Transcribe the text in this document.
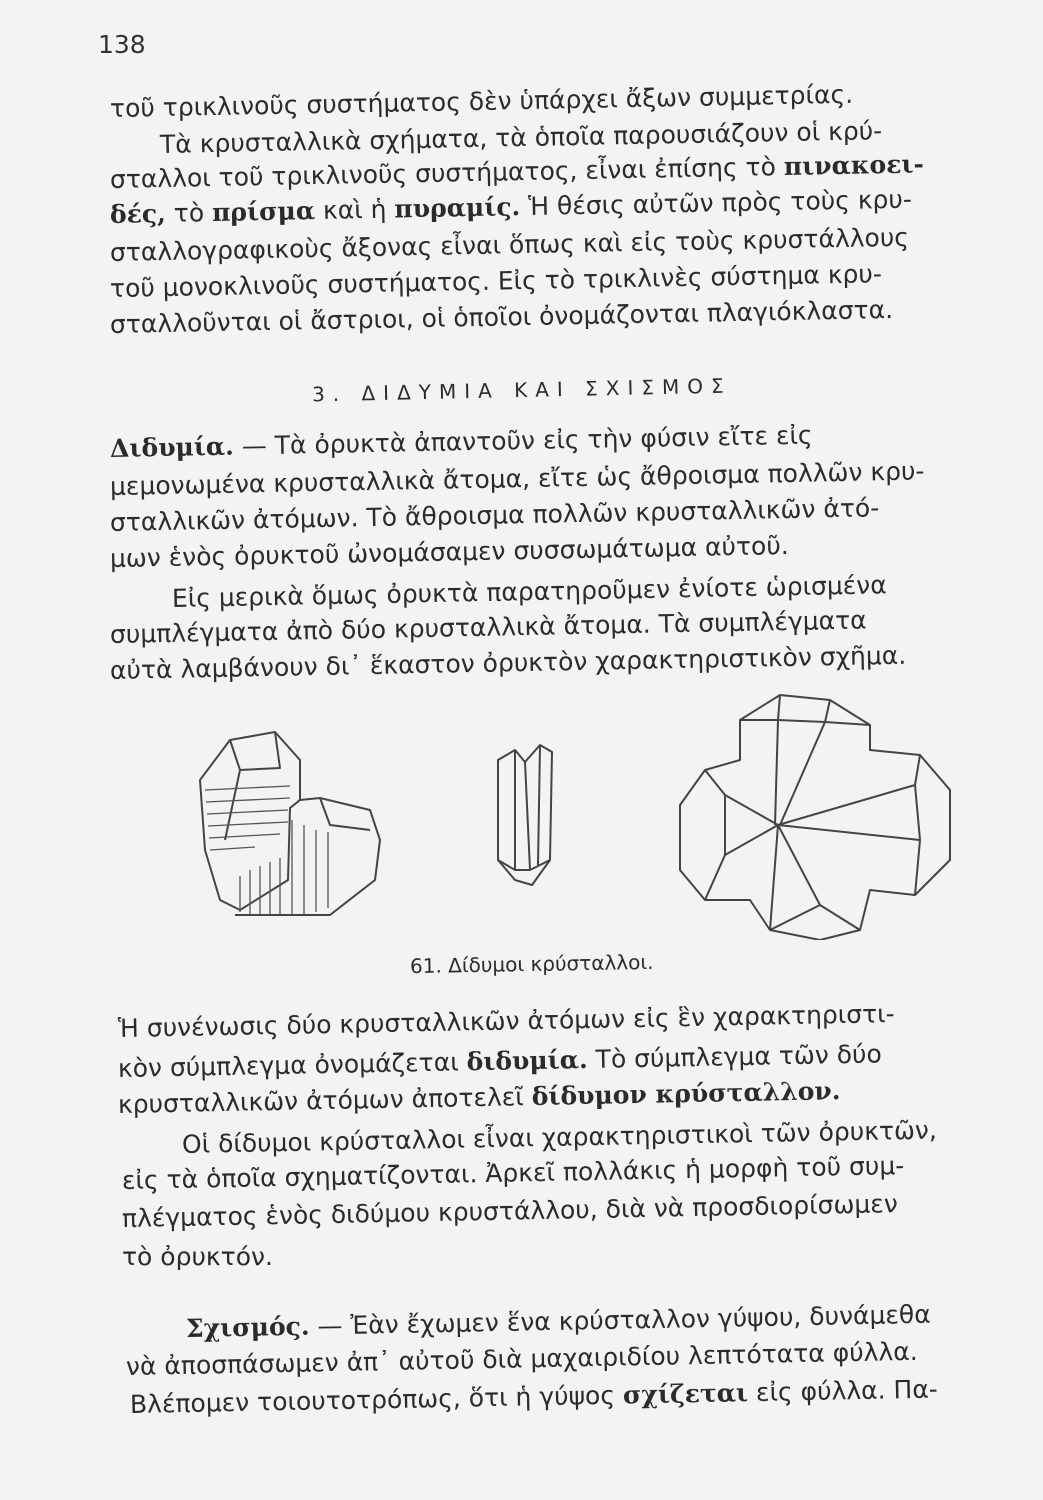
138
τοῦ τρικλινοῦς συστήματος δὲν ὑπάρχει ἄξων συμμετρίας.
Τὰ κρυσταλλικὰ σχήματα, τὰ ὁποῖα παρουσιάζουν οἱ κρύ-
σταλλοι τοῦ τρικλινοῦς συστήματος, εἶναι ἐπίσης τὸ πινακοει-
δές, τὸ πρίσμα καὶ ἡ πυραμίς. Ἡ θέσις αὐτῶν πρὸς τοὺς κρυ-
σταλλογραφικοὺς ἄξονας εἶναι ὅπως καὶ εἰς τοὺς κρυστάλλους
τοῦ μονοκλινοῦς συστήματος. Εἰς τὸ τρικλινὲς σύστημα κρυ-
σταλλοῦνται οἱ ἄστριοι, οἱ ὁποῖοι ὀνομάζονται πλαγιόκλαστα.
3. ΔΙΔΥΜΙΑ ΚΑΙ ΣΧΙΣΜΟΣ
Διδυμία. — Τὰ ὀρυκτὰ ἀπαντοῦν εἰς τὴν φύσιν εἴτε εἰς
μεμονωμένα κρυσταλλικὰ ἄτομα, εἴτε ὡς ἄθροισμα πολλῶν κρυ-
σταλλικῶν ἀτόμων. Τὸ ἄθροισμα πολλῶν κρυσταλλικῶν ἀτό-
μων ἑνὸς ὀρυκτοῦ ὠνομάσαμεν συσσωμάτωμα αὐτοῦ.
Εἰς μερικὰ ὅμως ὀρυκτὰ παρατηροῦμεν ἐνίοτε ὡρισμένα
συμπλέγματα ἀπὸ δύο κρυσταλλικὰ ἄτομα. Τὰ συμπλέγματα
αὐτὰ λαμβάνουν δι᾽ ἕκαστον ὀρυκτὸν χαρακτηριστικὸν σχῆμα.
61. Δίδυμοι κρύσταλλοι.
Ἡ συνένωσις δύο κρυσταλλικῶν ἀτόμων εἰς ἓν χαρακτηριστι-
κὸν σύμπλεγμα ὀνομάζεται διδυμία. Τὸ σύμπλεγμα τῶν δύο
κρυσταλλικῶν ἀτόμων ἀποτελεῖ δίδυμον κρύσταλλον.
Οἱ δίδυμοι κρύσταλλοι εἶναι χαρακτηριστικοὶ τῶν ὀρυκτῶν,
εἰς τὰ ὁποῖα σχηματίζονται. Ἀρκεῖ πολλάκις ἡ μορφὴ τοῦ συμ-
πλέγματος ἑνὸς διδύμου κρυστάλλου, διὰ νὰ προσδιορίσωμεν
τὸ ὀρυκτόν.
Σχισμός. — Ἐὰν ἔχωμεν ἕνα κρύσταλλον γύψου, δυνάμεθα
νὰ ἀποσπάσωμεν ἀπ᾽ αὐτοῦ διὰ μαχαιριδίου λεπτότατα φύλλα.
Βλέπομεν τοιουτοτρόπως, ὅτι ἡ γύψος σχίζεται εἰς φύλλα. Πα-
